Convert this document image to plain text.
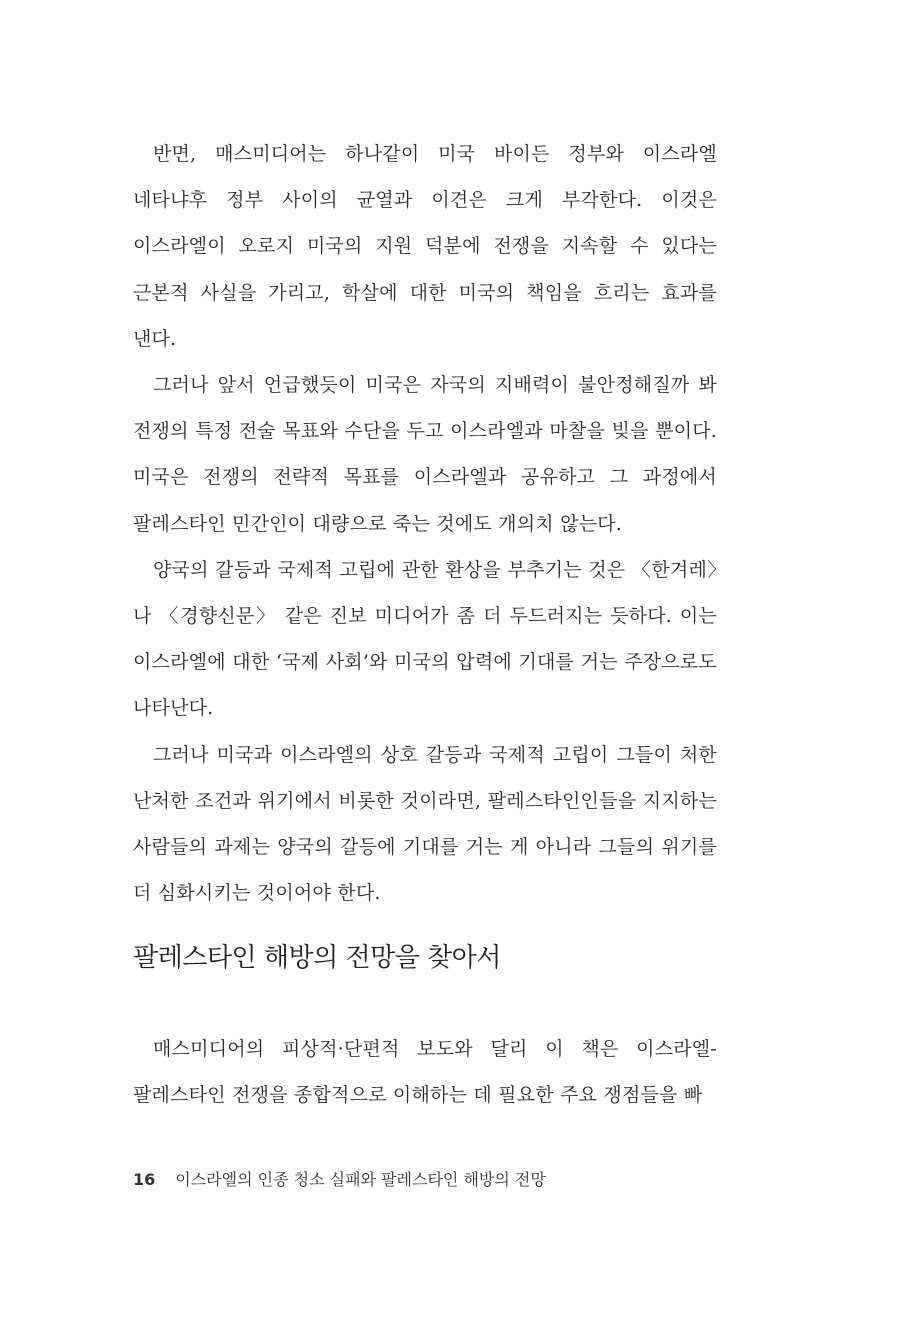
반면, 매스미디어는 하나같이 미국 바이든 정부와 이스라엘 네타냐후 정부 사이의 균열과 이견은 크게 부각한다. 이것은 이스라엘이 오로지 미국의 지원 덕분에 전쟁을 지속할 수 있다는 근본적 사실을 가리고, 학살에 대한 미국의 책임을 흐리는 효과를 낸다.

그러나 앞서 언급했듯이 미국은 자국의 지배력이 불안정해질까 봐 전쟁의 특정 전술 목표와 수단을 두고 이스라엘과 마찰을 빚을 뿐이다. 미국은 전쟁의 전략적 목표를 이스라엘과 공유하고 그 과정에서 팔레스타인 민간인이 대량으로 죽는 것에도 개의치 않는다.

양국의 갈등과 국제적 고립에 관한 환상을 부추기는 것은 〈한겨레〉나 〈경향신문〉 같은 진보 미디어가 좀 더 두드러지는 듯하다. 이는 이스라엘에 대한 ‘국제 사회’와 미국의 압력에 기대를 거는 주장으로도 나타난다.

그러나 미국과 이스라엘의 상호 갈등과 국제적 고립이 그들이 처한 난처한 조건과 위기에서 비롯한 것이라면, 팔레스타인인들을 지지하는 사람들의 과제는 양국의 갈등에 기대를 거는 게 아니라 그들의 위기를 더 심화시키는 것이어야 한다.

팔레스타인 해방의 전망을 찾아서

매스미디어의 피상적·단편적 보도와 달리 이 책은 이스라엘-팔레스타인 전쟁을 종합적으로 이해하는 데 필요한 주요 쟁점들을 빠

16 이스라엘의 인종 청소 실패와 팔레스타인 해방의 전망
